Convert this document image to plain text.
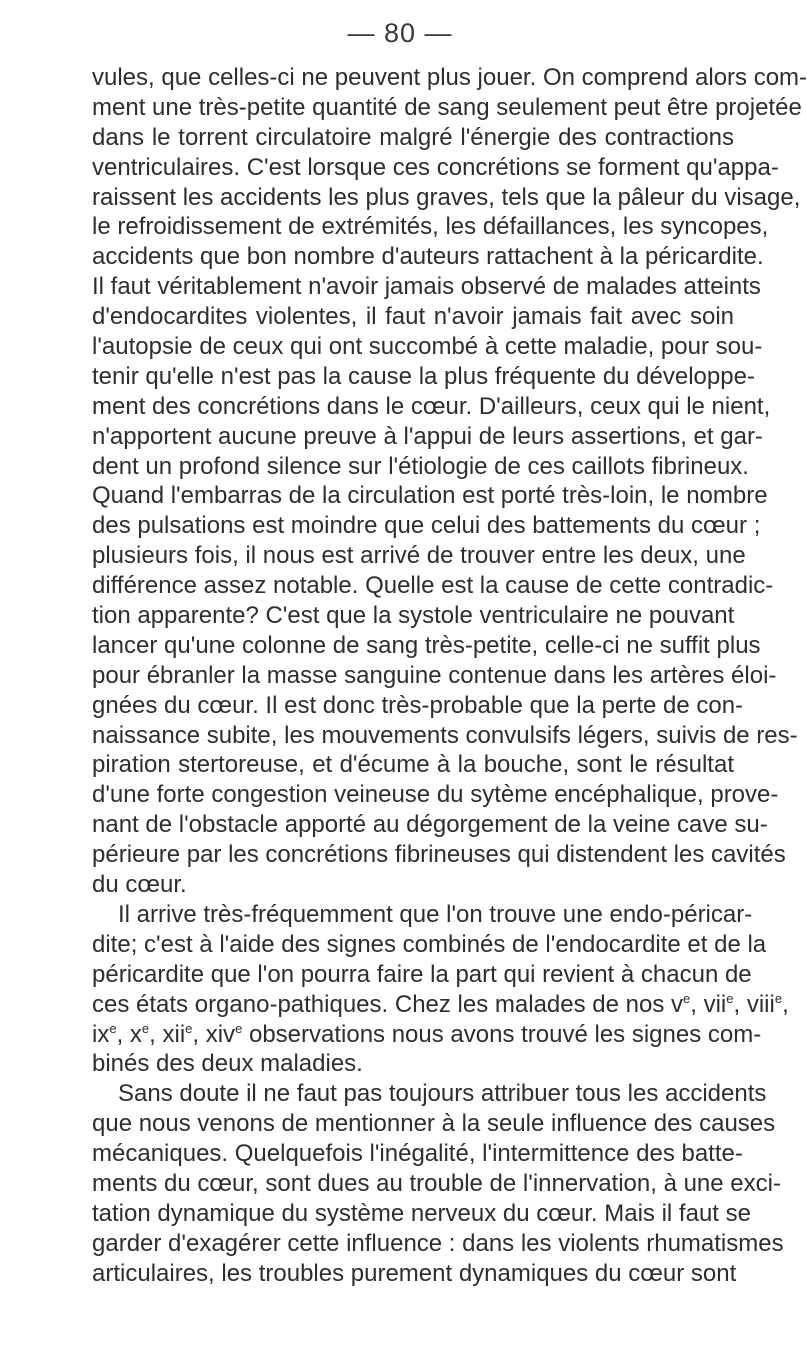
— 80 —
vules, que celles-ci ne peuvent plus jouer. On comprend alors com-
ment une très-petite quantité de sang seulement peut être projetée
dans le torrent circulatoire malgré l'énergie des contractions
ventriculaires. C'est lorsque ces concrétions se forment qu'appa-
raissent les accidents les plus graves, tels que la pâleur du visage,
le refroidissement de extrémités, les défaillances, les syncopes,
accidents que bon nombre d'auteurs rattachent à la péricardite.
Il faut véritablement n'avoir jamais observé de malades atteints
d'endocardites violentes, il faut n'avoir jamais fait avec soin
l'autopsie de ceux qui ont succombé à cette maladie, pour sou-
tenir qu'elle n'est pas la cause la plus fréquente du développe-
ment des concrétions dans le cœur. D'ailleurs, ceux qui le nient,
n'apportent aucune preuve à l'appui de leurs assertions, et gar-
dent un profond silence sur l'étiologie de ces caillots fibrineux.
Quand l'embarras de la circulation est porté très-loin, le nombre
des pulsations est moindre que celui des battements du cœur ;
plusieurs fois, il nous est arrivé de trouver entre les deux, une
différence assez notable. Quelle est la cause de cette contradic-
tion apparente? C'est que la systole ventriculaire ne pouvant
lancer qu'une colonne de sang très-petite, celle-ci ne suffit plus
pour ébranler la masse sanguine contenue dans les artères éloi-
gnées du cœur. Il est donc très-probable que la perte de con-
naissance subite, les mouvements convulsifs légers, suivis de res-
piration stertoreuse, et d'écume à la bouche, sont le résultat
d'une forte congestion veineuse du sytème encéphalique, prove-
nant de l'obstacle apporté au dégorgement de la veine cave su-
périeure par les concrétions fibrineuses qui distendent les cavités
du cœur.
Il arrive très-fréquemment que l'on trouve une endo-péricar-
dite; c'est à l'aide des signes combinés de l'endocardite et de la
péricardite que l'on pourra faire la part qui revient à chacun de
ces états organo-pathiques. Chez les malades de nos $v^e$, vii$^e$, viii$^e$,
$ix^e$, $x^e$, xii$^e$, xiv$^e$ observations nous avons trouvé les signes com-
binés des deux maladies.
Sans doute il ne faut pas toujours attribuer tous les accidents
que nous venons de mentionner à la seule influence des causes
mécaniques. Quelquefois l'inégalité, l'intermittence des batte-
ments du cœur, sont dues au trouble de l'innervation, à une exci-
tation dynamique du système nerveux du cœur. Mais il faut se
garder d'exagérer cette influence : dans les violents rhumatismes
articulaires, les troubles purement dynamiques du cœur sont
